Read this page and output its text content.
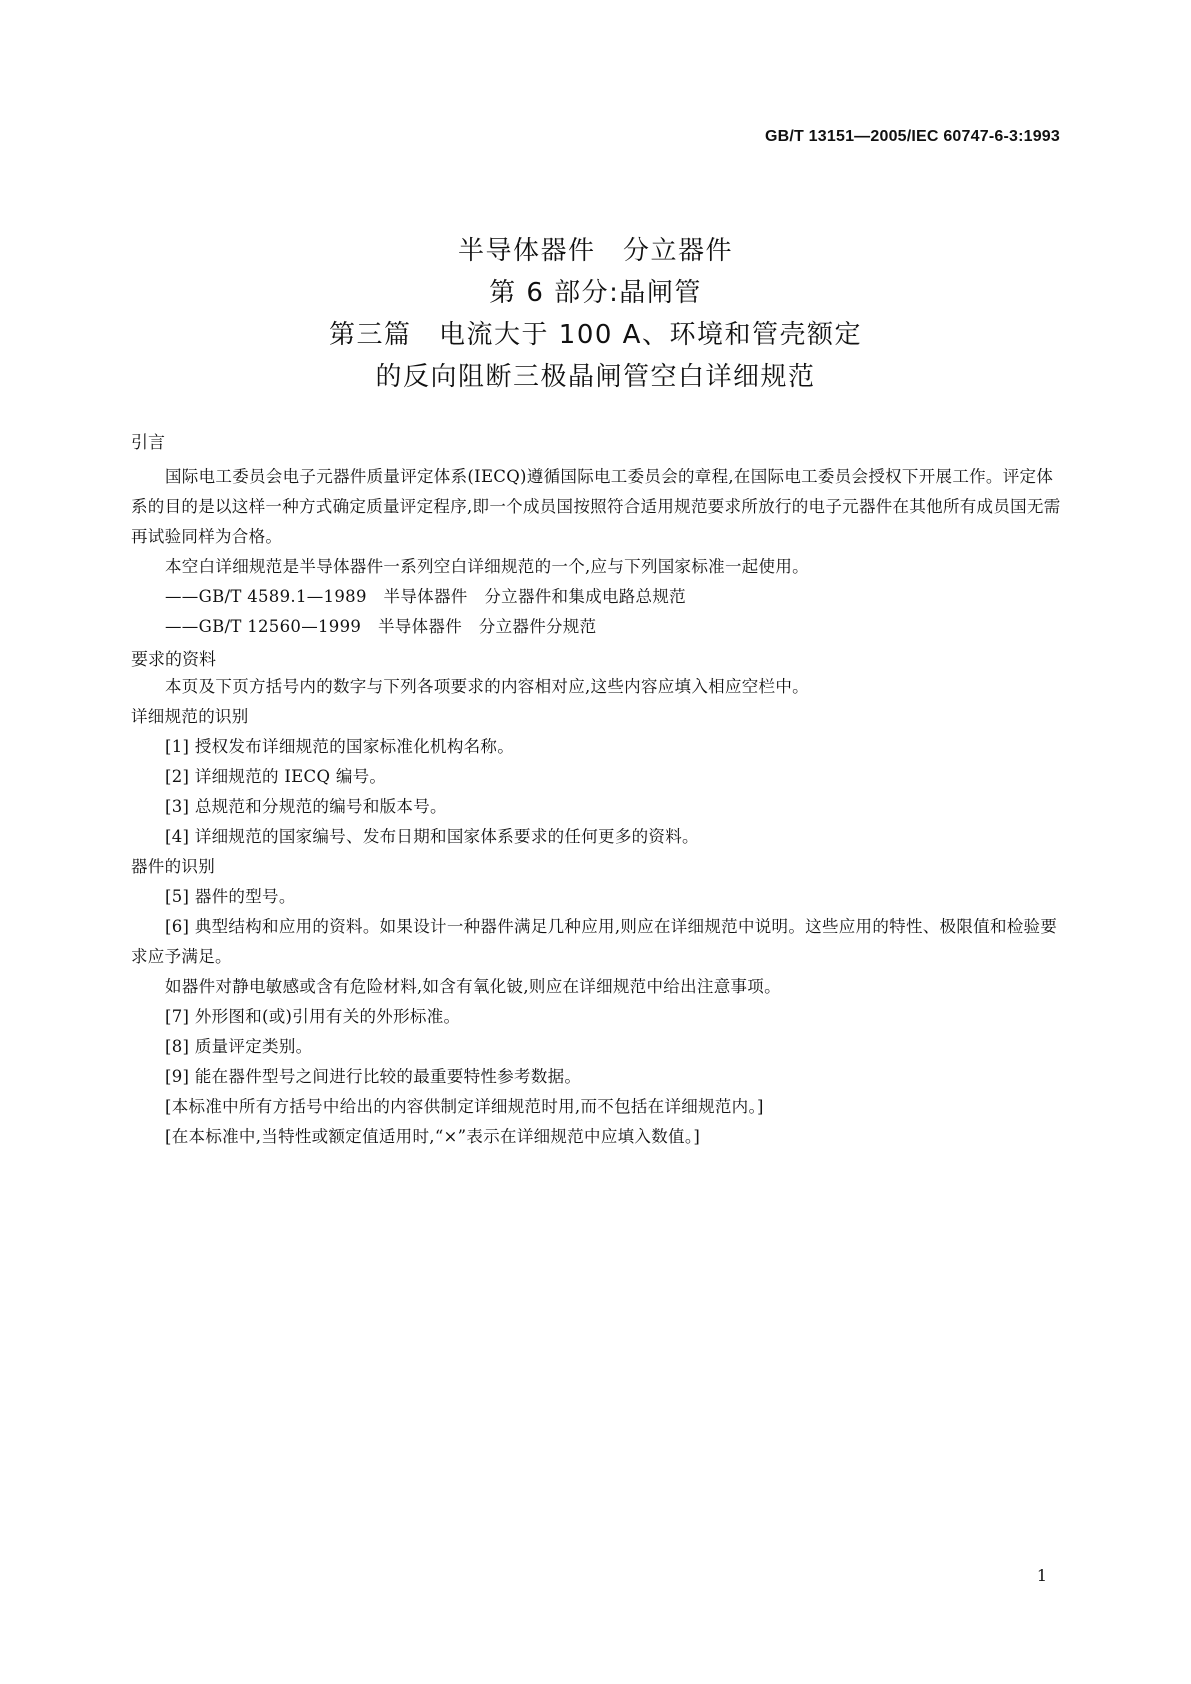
GB/T 13151—2005/IEC 60747-6-3:1993
半导体器件　分立器件
第 6 部分:晶闸管
第三篇　电流大于 100 A、环境和管壳额定
的反向阻断三极晶闸管空白详细规范
引言

国际电工委员会电子元器件质量评定体系(IECQ)遵循国际电工委员会的章程,在国际电工委员会授权下开展工作。评定体系的目的是以这样一种方式确定质量评定程序,即一个成员国按照符合适用规范要求所放行的电子元器件在其他所有成员国无需再试验同样为合格。

本空白详细规范是半导体器件一系列空白详细规范的一个,应与下列国家标准一起使用。

——GB/T 4589.1—1989　半导体器件　分立器件和集成电路总规范

——GB/T 12560—1999　半导体器件　分立器件分规范

要求的资料

本页及下页方括号内的数字与下列各项要求的内容相对应,这些内容应填入相应空栏中。

详细规范的识别

[1] 授权发布详细规范的国家标准化机构名称。

[2] 详细规范的 IECQ 编号。

[3] 总规范和分规范的编号和版本号。

[4] 详细规范的国家编号、发布日期和国家体系要求的任何更多的资料。

器件的识别

[5] 器件的型号。

[6] 典型结构和应用的资料。如果设计一种器件满足几种应用,则应在详细规范中说明。这些应用的特性、极限值和检验要求应予满足。

如器件对静电敏感或含有危险材料,如含有氧化铍,则应在详细规范中给出注意事项。

[7] 外形图和(或)引用有关的外形标准。

[8] 质量评定类别。

[9] 能在器件型号之间进行比较的最重要特性参考数据。

[本标准中所有方括号中给出的内容供制定详细规范时用,而不包括在详细规范内。]

[在本标准中,当特性或额定值适用时,“×”表示在详细规范中应填入数值。]

1
